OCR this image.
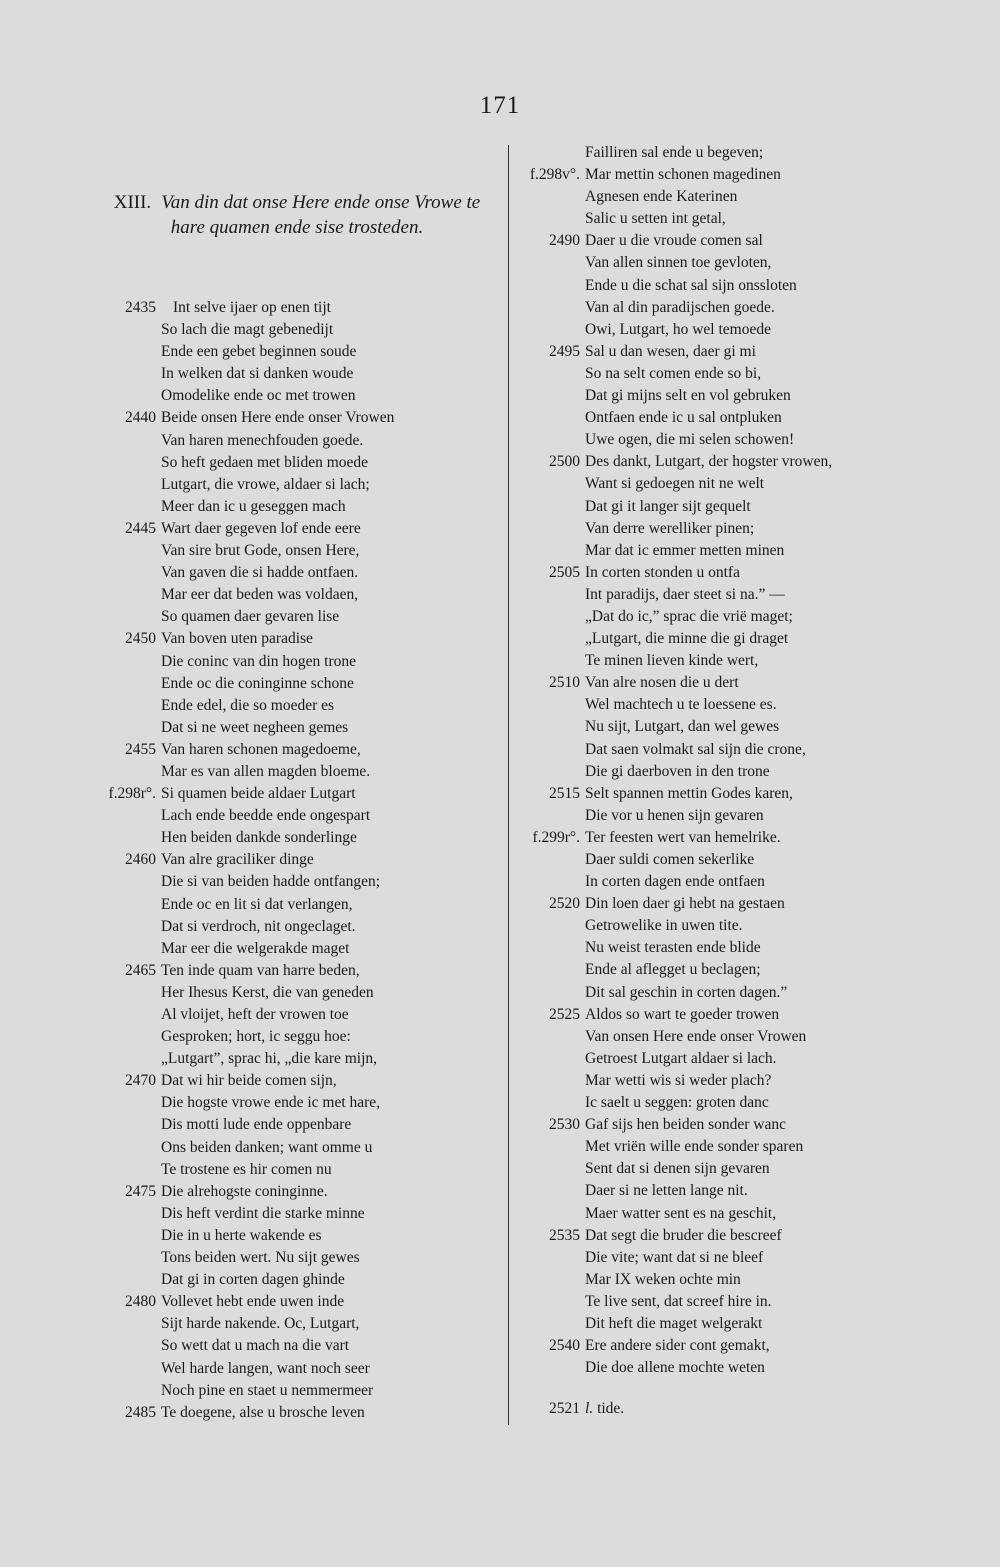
171
XIII. Van din dat onse Here ende onse Vrowe te hare quamen ende sise trosteden.
2435 Int selve ijaer op enen tijt
So lach die magt gebenedijt
Ende een gebet beginnen soude
In welken dat si danken woude
Omodelike ende oc met trowen
2440 Beide onsen Here ende onser Vrowen
Van haren menechfouden goede.
So heft gedaen met bliden moede
Lutgart, die vrowe, aldaer si lach;
Meer dan ic u geseggen mach
2445 Wart daer gegeven lof ende eere
Van sire brut Gode, onsen Here,
Van gaven die si hadde ontfaen.
Mar eer dat beden was voldaen,
So quamen daer gevaren lise
2450 Van boven uten paradise
Die coninc van din hogen trone
Ende oc die coninginne schone
Ende edel, die so moeder es
Dat si ne weet negheen gemes
2455 Van haren schonen magedoeme,
Mar es van allen magden bloeme.
f.298r°. Si quamen beide aldaer Lutgart
Lach ende beedde ende ongespart
Hen beiden dankde sonderlinge
2460 Van alre graciliker dinge
Die si van beiden hadde ontfangen;
Ende oc en lit si dat verlangen,
Dat si verdroch, nit ongeclaget.
Mar eer die welgerakde maget
2465 Ten inde quam van harre beden,
Her Ihesus Kerst, die van geneden
Al vloijet, heft der vrowen toe
Gesproken; hort, ic seggu hoe:
„Lutgart”, sprac hi, „die kare mijn,
2470 Dat wi hir beide comen sijn,
Die hogste vrowe ende ic met hare,
Dis motti lude ende oppenbare
Ons beiden danken; want omme u
Te trostene es hir comen nu
2475 Die alrehogste coninginne.
Dis heft verdint die starke minne
Die in u herte wakende es
Tons beiden wert. Nu sijt gewes
Dat gi in corten dagen ghinde
2480 Vollevet hebt ende uwen inde
Sijt harde nakende. Oc, Lutgart,
So wett dat u mach na die vart
Wel harde langen, want noch seer
Noch pine en staet u nemmermeer
2485 Te doegene, alse u brosche leven
Failliren sal ende u begeven;
f.298v°. Mar mettin schonen magedinen
Agnesen ende Katerinen
Salic u setten int getal,
2490 Daer u die vroude comen sal
Van allen sinnen toe gevloten,
Ende u die schat sal sijn onssloten
Van al din paradijschen goede.
Owi, Lutgart, ho wel temoede
2495 Sal u dan wesen, daer gi mi
So na selt comen ende so bi,
Dat gi mijns selt en vol gebruken
Ontfaen ende ic u sal ontpluken
Uwe ogen, die mi selen schowen!
2500 Des dankt, Lutgart, der hogster vrowen,
Want si gedoegen nit ne welt
Dat gi it langer sijt gequelt
Van derre werelliker pinen;
Mar dat ic emmer metten minen
2505 In corten stonden u ontfa
Int paradijs, daer steet si na.” —
„Dat do ic,” sprac die vrië maget;
„Lutgart, die minne die gi draget
Te minen lieven kinde wert,
2510 Van alre nosen die u dert
Wel machtech u te loessene es.
Nu sijt, Lutgart, dan wel gewes
Dat saen volmakt sal sijn die crone,
Die gi daerboven in den trone
2515 Selt spannen mettin Godes karen,
Die vor u henen sijn gevaren
f.299r°. Ter feesten wert van hemelrike.
Daer suldi comen sekerlike
In corten dagen ende ontfaen
2520 Din loen daer gi hebt na gestaen
Getrowelike in uwen tite.
Nu weist terasten ende blide
Ende al aflegget u beclagen;
Dit sal geschin in corten dagen.”
2525 Aldos so wart te goeder trowen
Van onsen Here ende onser Vrowen
Getroest Lutgart aldaer si lach.
Mar wetti wis si weder plach?
Ic saelt u seggen: groten danc
2530 Gaf sijs hen beiden sonder wanc
Met vriën wille ende sonder sparen
Sent dat si denen sijn gevaren
Daer si ne letten lange nit.
Maer watter sent es na geschit,
2535 Dat segt die bruder die bescreef
Die vite; want dat si ne bleef
Mar IX weken ochte min
Te live sent, dat screef hire in.
Dit heft die maget welgerakt
2540 Ere andere sider cont gemakt,
Die doe allene mochte weten
2521 l. tide.
